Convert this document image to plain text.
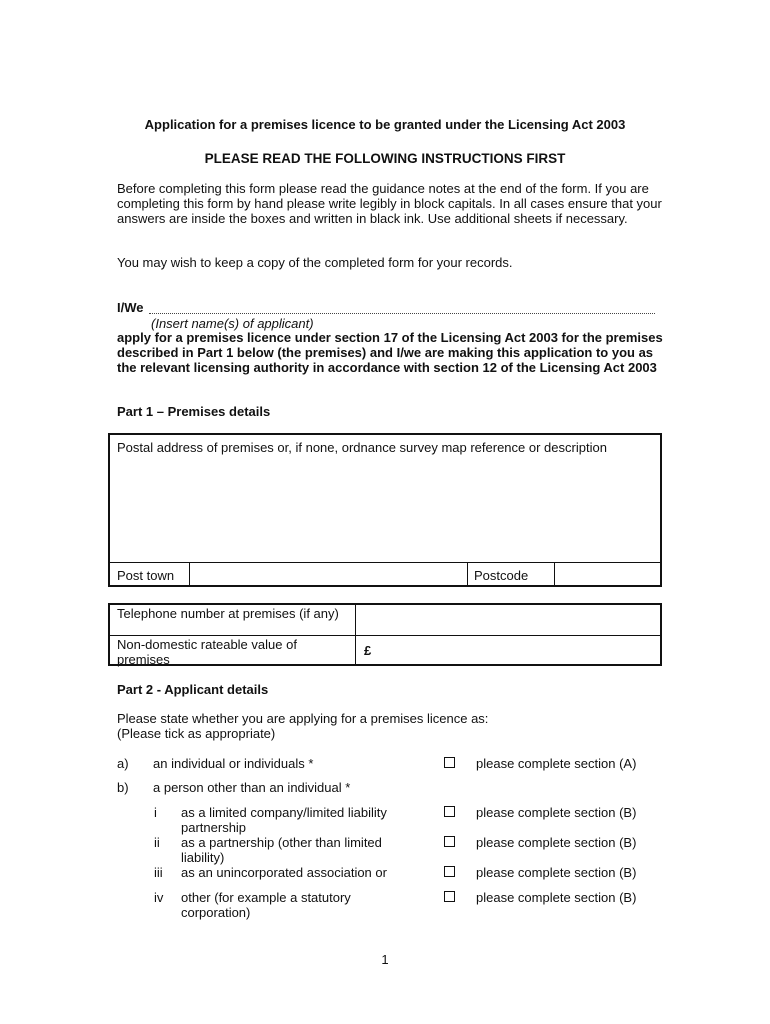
Application for a premises licence to be granted under the Licensing Act 2003
PLEASE READ THE FOLLOWING INSTRUCTIONS FIRST
Before completing this form please read the guidance notes at the end of the form. If you are completing this form by hand please write legibly in block capitals. In all cases ensure that your answers are inside the boxes and written in black ink. Use additional sheets if necessary.
You may wish to keep a copy of the completed form for your records.
I/We
(Insert name(s) of applicant)
apply for a premises licence under section 17 of the Licensing Act 2003 for the premises described in Part 1 below (the premises) and I/we are making this application to you as the relevant licensing authority in accordance with section 12 of the Licensing Act 2003
Part 1 – Premises details
Postal address of premises or, if none, ordnance survey map reference or description
Post town	Postcode
Telephone number at premises (if any)
Non-domestic rateable value of premises
£
Part 2 - Applicant details
Please state whether you are applying for a premises licence as:
(Please tick as appropriate)
a) an individual or individuals *	please complete section (A)
b) a person other than an individual *
i as a limited company/limited liability partnership
please complete section (B)
ii as a partnership (other than limited liability)
please complete section (B)
iii as an unincorporated association or	please complete section (B)
iv other (for example a statutory corporation)
please complete section (B)
1
